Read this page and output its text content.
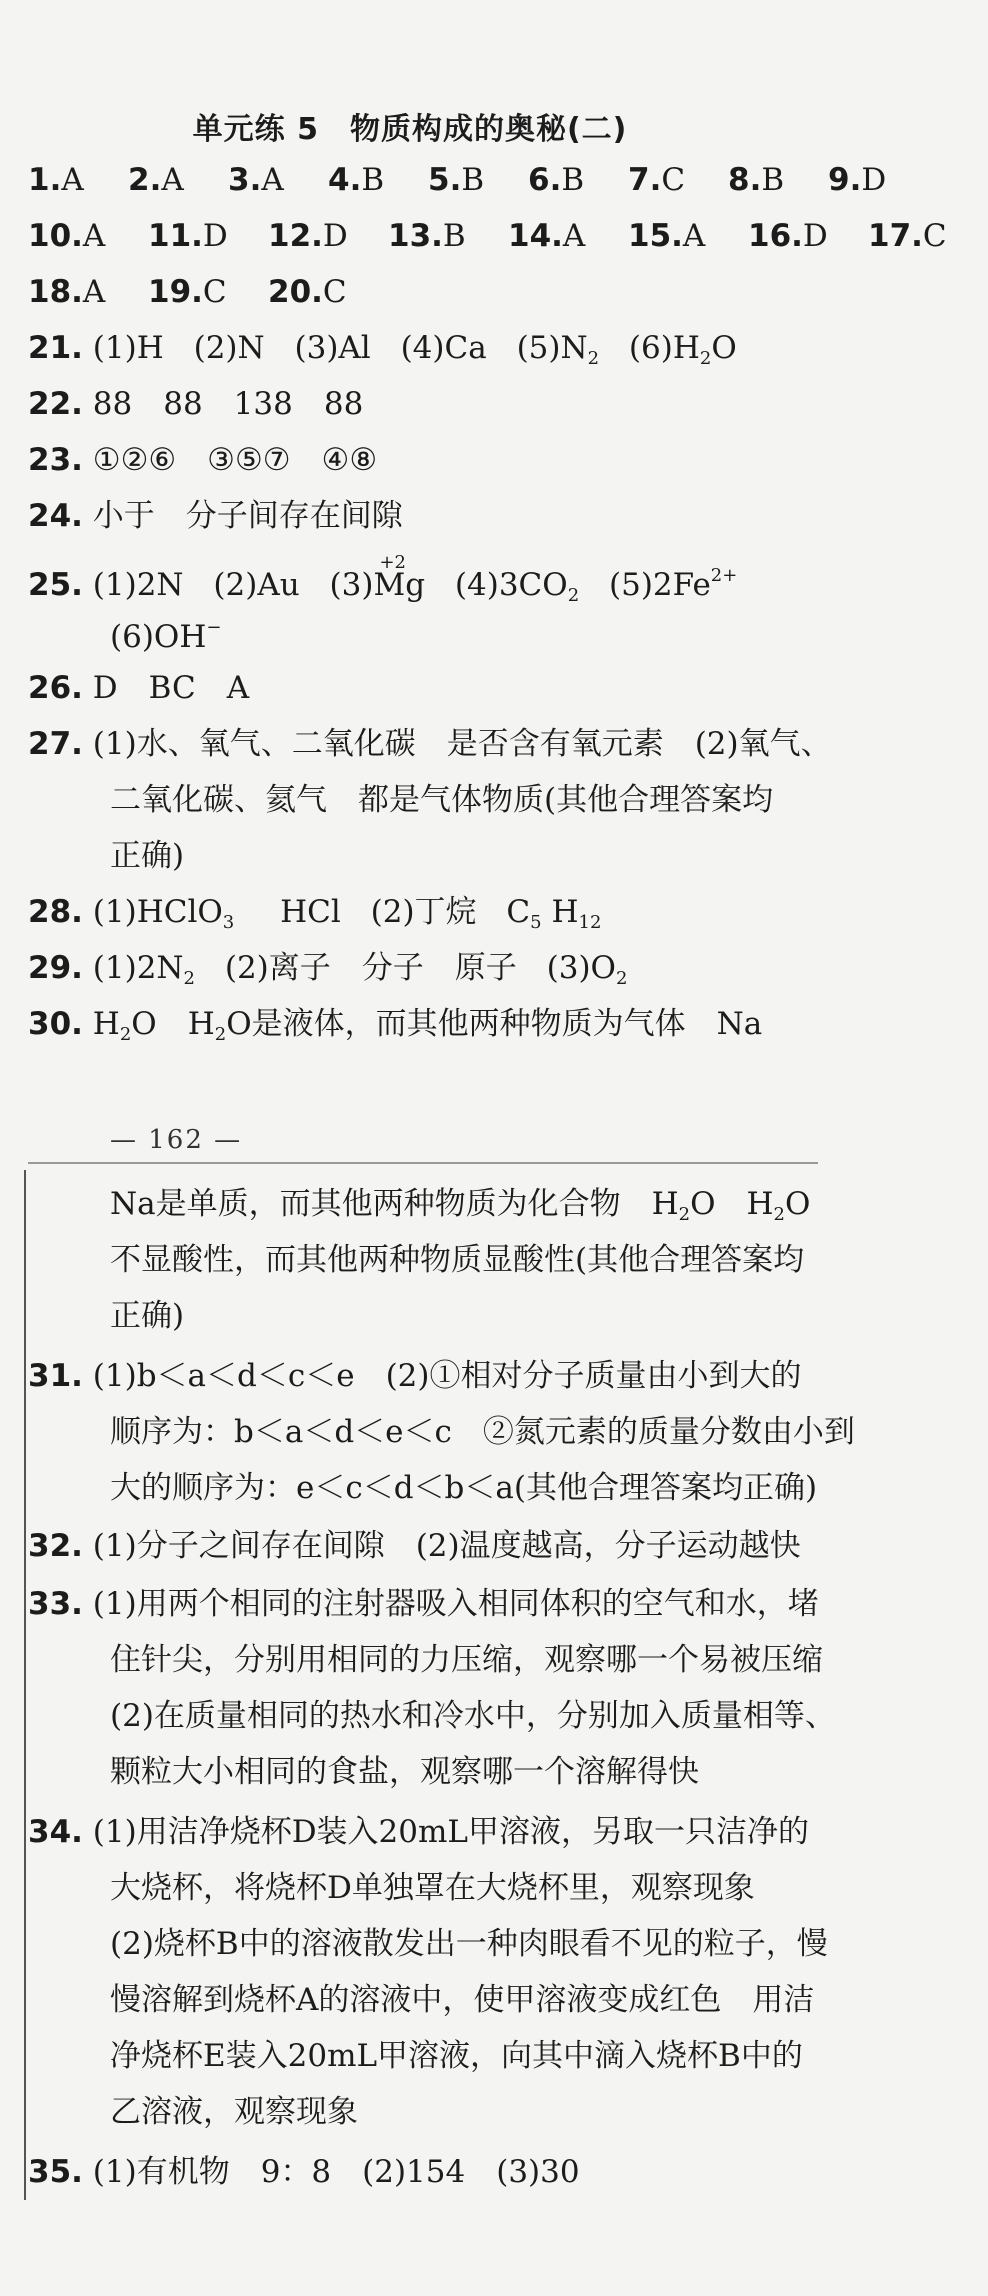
单元练 5　物质构成的奥秘(二)
1.A 2.A 3.A 4.B 5.B 6.B 7.C 8.B 9.D
10.A 11.D 12.D 13.B 14.A 15.A 16.D 17.C
18.A 19.C 20.C
21. (1)H (2)N (3)Al (4)Ca $(5)N_2$ $(6)H_2O$
22. 88　88　138　88
23. ①②⑥　③⑤⑦　④⑧
24. 小于　分子间存在间隙
25. (1)2N (2)Au (3)
+2
Mg $(4)3CO_2$ $(5)2Fe^{2+}$
(6)OH−
26. D　BC　A
27. (1)水、氧气、二氧化碳　是否含有氧元素　(2)氧气、
二氧化碳、氦气　都是气体物质(其他合理答案均
正确)
28. (1)HClO$_3$ HCl (2)丁烷 $C_5$ $H_{12}$
29. $(1)2N_2$ (2)离子　分子　原子 $(3)O_2$
30. $H_2O$　$H_2O$是液体，而其他两种物质为气体　Na
— 162 —
Na是单质，而其他两种物质为化合物　$H_2O$　$H_2O$
不显酸性，而其他两种物质显酸性(其他合理答案均
正确)
31. (1)b＜a＜d＜c＜e　(2)①相对分子质量由小到大的
顺序为：b＜a＜d＜e＜c　②氮元素的质量分数由小到
大的顺序为：e＜c＜d＜b＜a(其他合理答案均正确)
32. (1)分子之间存在间隙　(2)温度越高，分子运动越快
33. (1)用两个相同的注射器吸入相同体积的空气和水，堵
住针尖，分别用相同的力压缩，观察哪一个易被压缩
(2)在质量相同的热水和冷水中，分别加入质量相等、
颗粒大小相同的食盐，观察哪一个溶解得快
34. (1)用洁净烧杯D装入20mL甲溶液，另取一只洁净的
大烧杯，将烧杯D单独罩在大烧杯里，观察现象
(2)烧杯B中的溶液散发出一种肉眼看不见的粒子，慢
慢溶解到烧杯A的溶液中，使甲溶液变成红色　用洁
净烧杯E装入20mL甲溶液，向其中滴入烧杯B中的
乙溶液，观察现象
35. (1)有机物　9：8　(2)154　(3)30
